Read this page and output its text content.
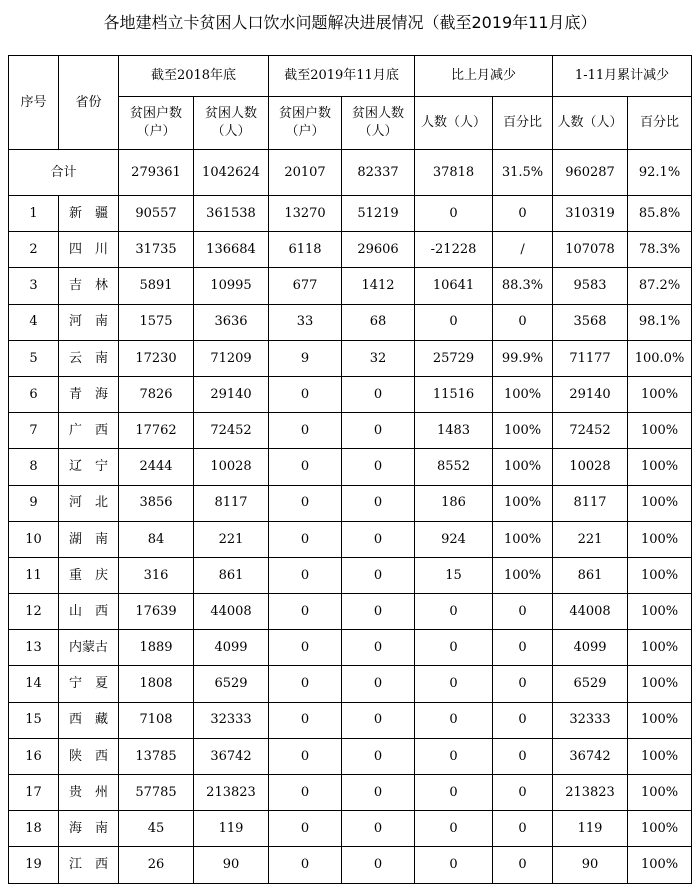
各地建档立卡贫困人口饮水问题解决进展情况（截至2019年11月底）
序号	省份	截至2018年底		截至2019年11月底		比上月减少		1-11月累计减少	
		贫困户数（户）	贫困人数（人）	贫困户数（户）	贫困人数（人）	人数（人）	百分比	人数（人）	百分比
合计		279361	1042624	20107	82337	37818	31.5%	960287	92.1%
1	新　疆	90557	361538	13270	51219	0	0	310319	85.8%
2	四　川	31735	136684	6118	29606	-21228	/	107078	78.3%
3	吉　林	5891	10995	677	1412	10641	88.3%	9583	87.2%
4	河　南	1575	3636	33	68	0	0	3568	98.1%
5	云　南	17230	71209	9	32	25729	99.9%	71177	100.0%
6	青　海	7826	29140	0	0	11516	100%	29140	100%
7	广　西	17762	72452	0	0	1483	100%	72452	100%
8	辽　宁	2444	10028	0	0	8552	100%	10028	100%
9	河　北	3856	8117	0	0	186	100%	8117	100%
10	湖　南	84	221	0	0	924	100%	221	100%
11	重　庆	316	861	0	0	15	100%	861	100%
12	山　西	17639	44008	0	0	0	0	44008	100%
13	内蒙古	1889	4099	0	0	0	0	4099	100%
14	宁　夏	1808	6529	0	0	0	0	6529	100%
15	西　藏	7108	32333	0	0	0	0	32333	100%
16	陕　西	13785	36742	0	0	0	0	36742	100%
17	贵　州	57785	213823	0	0	0	0	213823	100%
18	海　南	45	119	0	0	0	0	119	100%
19	江　西	26	90	0	0	0	0	90	100%
